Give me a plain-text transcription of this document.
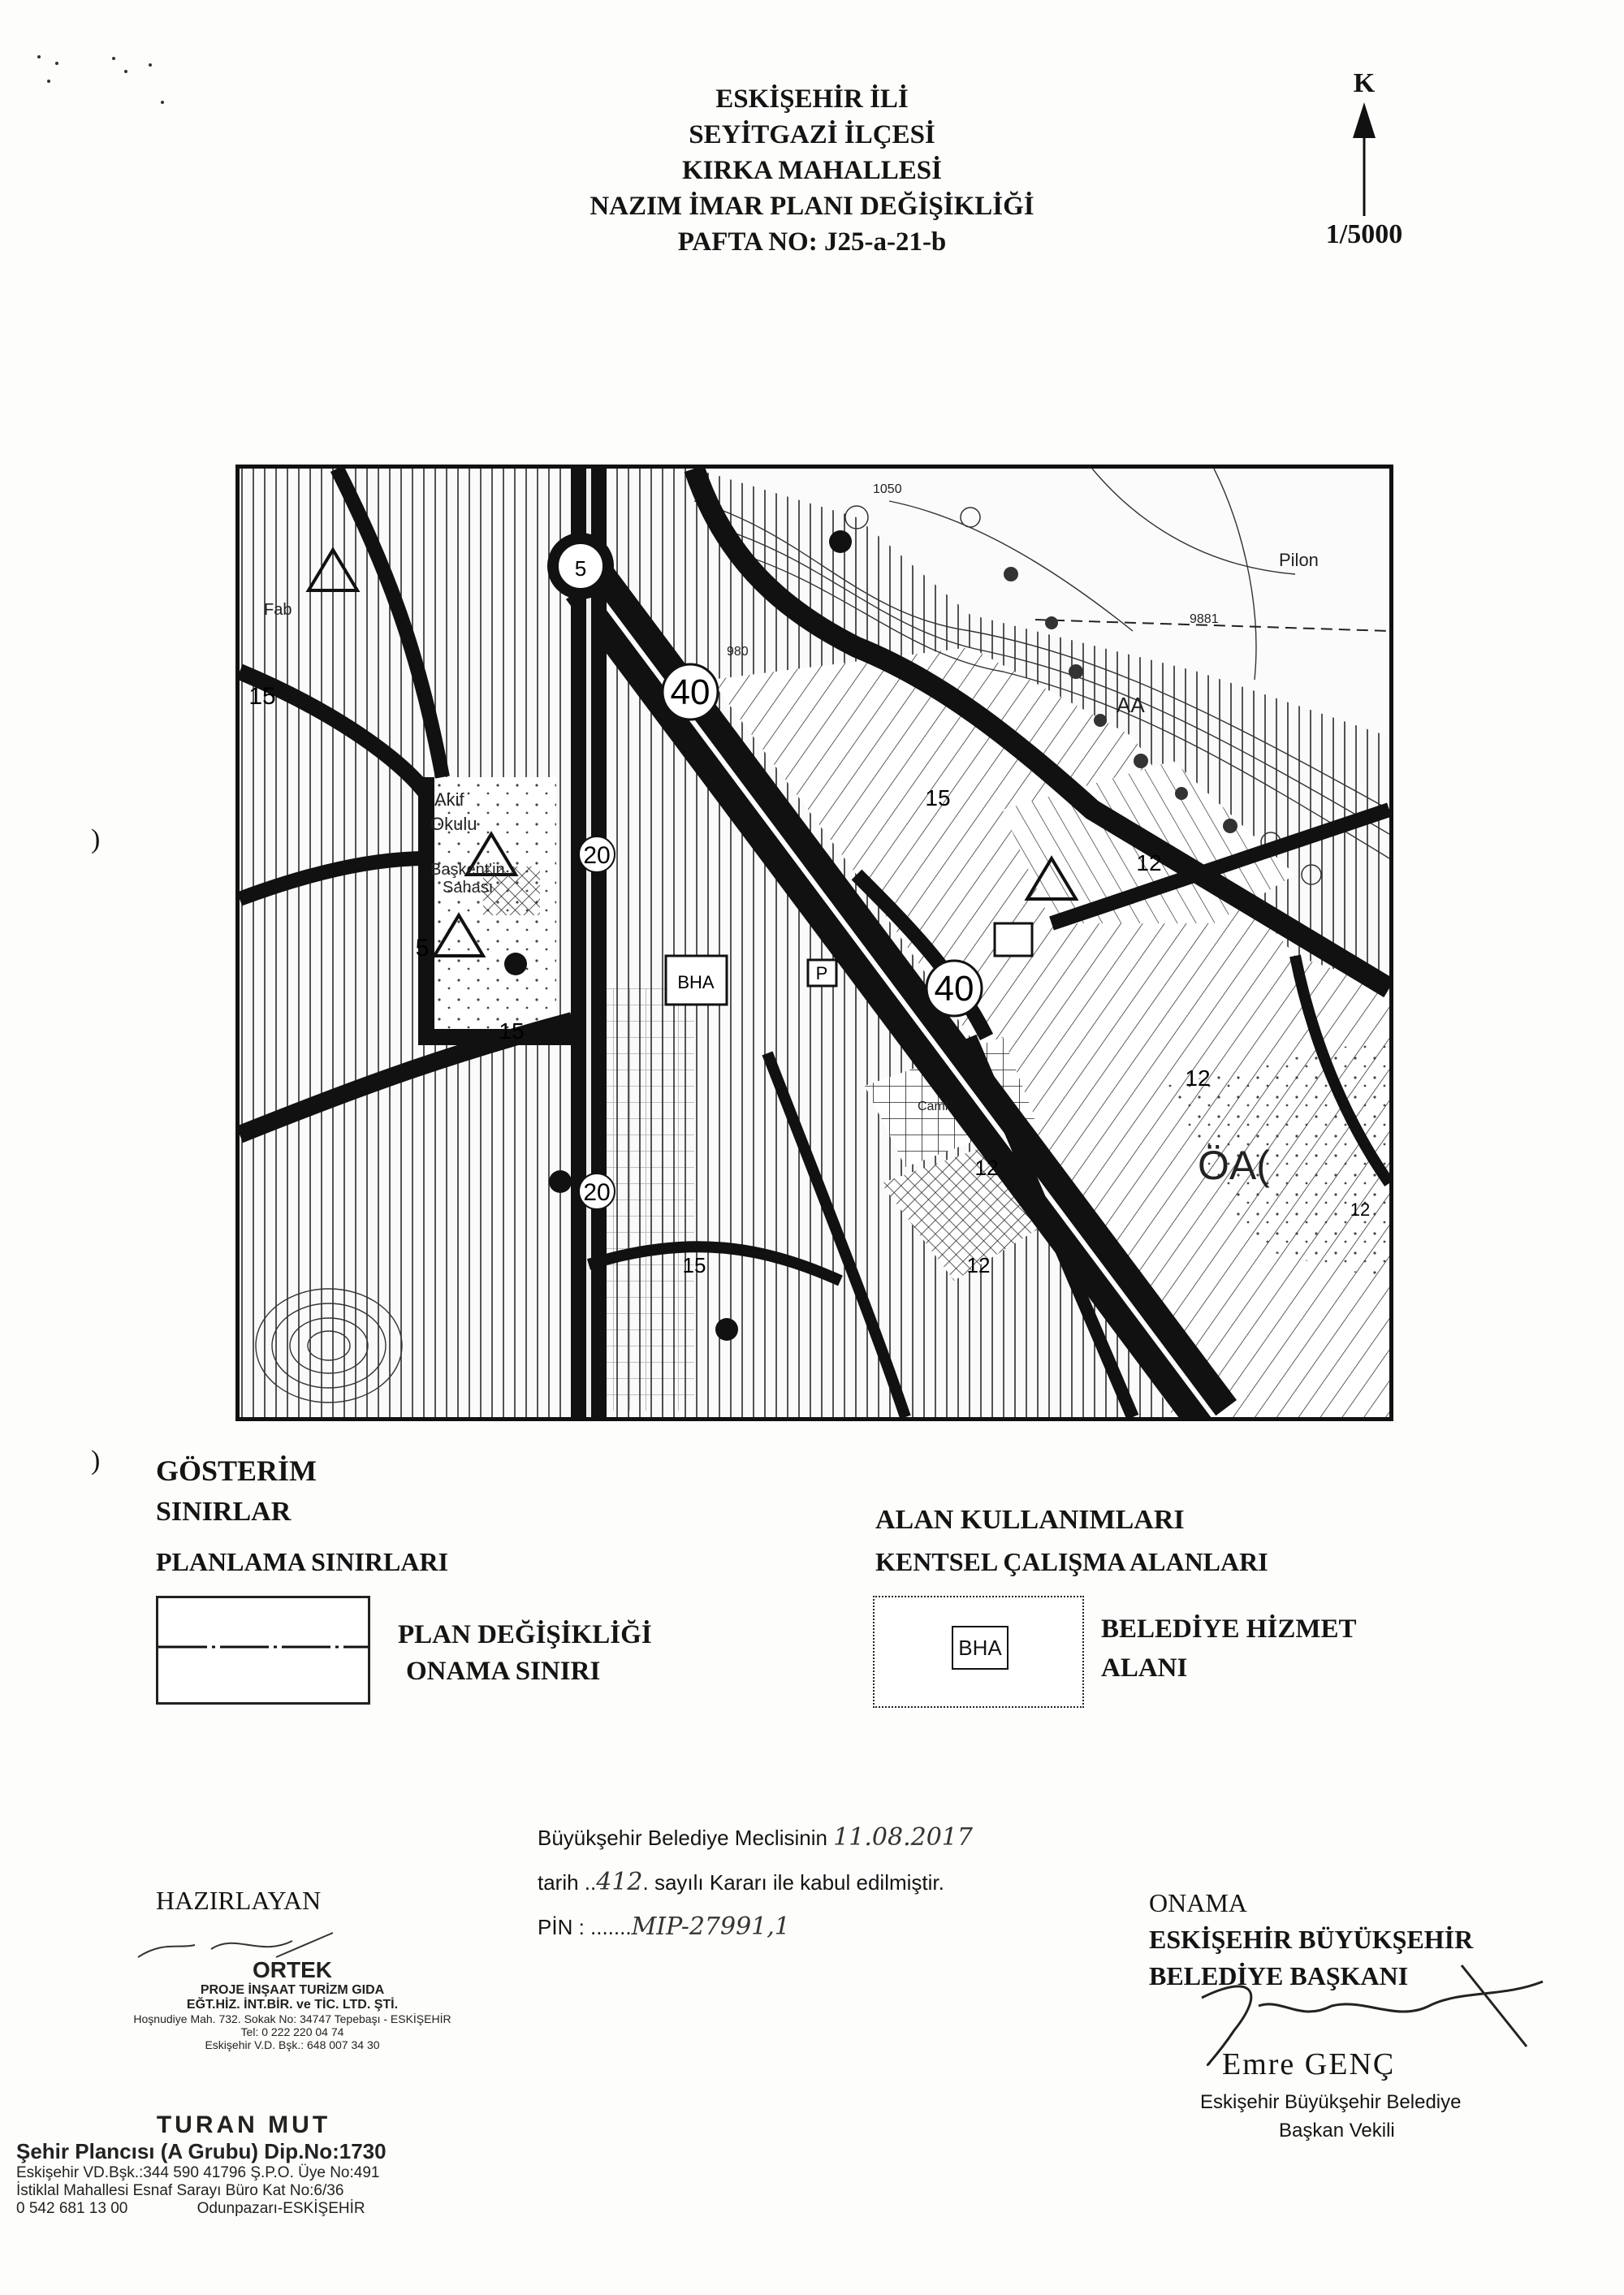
ESKİŞEHİR İLİ
SEYİTGAZİ İLÇESİ
KIRKA MAHALLESİ
NAZIM İMAR PLANI DEĞİŞİKLİĞİ
PAFTA NO: J25-a-21-b
K
1/5000
BHA	P
40
40
20
20
15
15
15
15
12
12
12
12
12
5
5
Akif
Okulu
Başkent'in
Sahası
Pilon
AA
ÖA(
Fab
980
1050
9881
Cami
)
) GÖSTERİM
SINIRLAR
PLANLAMA SINIRLARI
PLAN DEĞİŞİKLİĞİ
ONAMA SINIRI
ALAN KULLANIMLARI
KENTSEL ÇALIŞMA ALANLARI
BHA
BELEDİYE HİZMET
ALANI
Büyükşehir Belediye Meclisinin 11.08.2017
tarih ..412. sayılı Kararı ile kabul edilmiştir.
PİN : .......MIP-27991,1
HAZIRLAYAN
ORTEK
PROJE İNŞAAT TURİZM GIDA
EĞT.HİZ. İNT.BİR. ve TİC. LTD. ŞTİ.
Hoşnudiye Mah. 732. Sokak No: 34747 Tepebaşı - ESKİŞEHİR
Tel: 0 222 220 04 74
Eskişehir V.D. Bşk.: 648 007 34 30
TURAN MUT
Şehir Plancısı (A Grubu) Dip.No:1730
Eskişehir VD.Bşk.:344 590 41796 Ş.P.O. Üye No:491
İstiklal Mahallesi Esnaf Sarayı Büro Kat No:6/36
0 542 681 13 00	Odunpazarı-ESKİŞEHİR
ONAMA
ESKİŞEHİR BÜYÜKŞEHİR
BELEDİYE BAŞKANI
Emre GENÇ
Eskişehir Büyükşehir Belediye
Başkan Vekili
